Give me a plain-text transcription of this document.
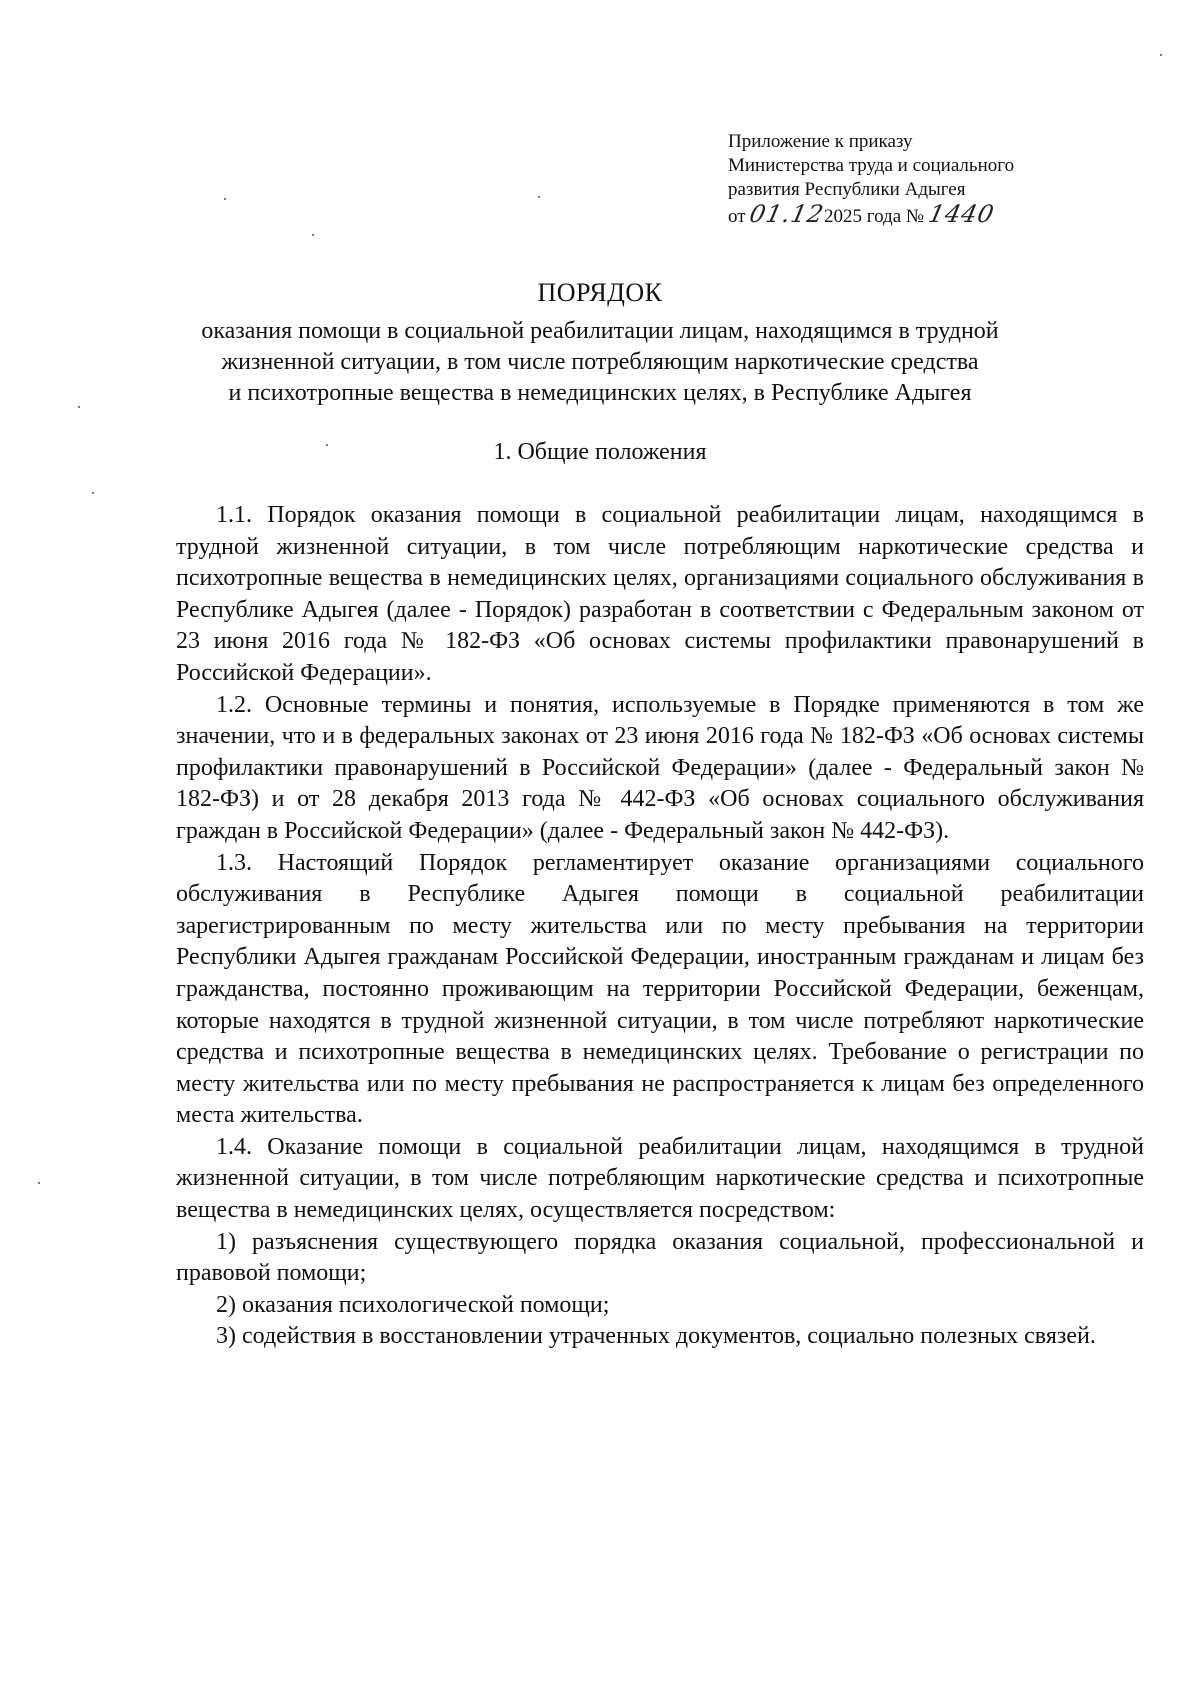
Приложение к приказу
Министерства труда и социального
развития Республики Адыгея
от 01.122025 года № 1440
ПОРЯДОК
оказания помощи в социальной реабилитации лицам, находящимся в трудной
жизненной ситуации, в том числе потребляющим наркотические средства
и психотропные вещества в немедицинских целях, в Республике Адыгея
1. Общие положения

1.1. Порядок оказания помощи в социальной реабилитации лицам, находящимся в трудной жизненной ситуации, в том числе потребляющим наркотические средства и психотропные вещества в немедицинских целях, организациями социального обслуживания в Республике Адыгея (далее - Порядок) разработан в соответствии с Федеральным законом от 23 июня 2016 года № 182-ФЗ «Об основах системы профилактики правонарушений в Российской Федерации».

1.2. Основные термины и понятия, используемые в Порядке применяются в том же значении, что и в федеральных законах от 23 июня 2016 года № 182-ФЗ «Об основах системы профилактики правонарушений в Российской Федерации» (далее - Федеральный закон № 182-ФЗ) и от 28 декабря 2013 года № 442-ФЗ «Об основах социального обслуживания граждан в Российской Федерации» (далее - Федеральный закон № 442-ФЗ).

1.3. Настоящий Порядок регламентирует оказание организациями социального обслуживания в Республике Адыгея помощи в социальной реабилитации зарегистрированным по месту жительства или по месту пребывания на территории Республики Адыгея гражданам Российской Федерации, иностранным гражданам и лицам без гражданства, постоянно проживающим на территории Российской Федерации, беженцам, которые находятся в трудной жизненной ситуации, в том числе потребляют наркотические средства и психотропные вещества в немедицинских целях. Требование о регистрации по месту жительства или по месту пребывания не распространяется к лицам без определенного места жительства.

1.4. Оказание помощи в социальной реабилитации лицам, находящимся в трудной жизненной ситуации, в том числе потребляющим наркотические средства и психотропные вещества в немедицинских целях, осуществляется посредством:

1) разъяснения существующего порядка оказания социальной, профессиональной и правовой помощи;

2) оказания психологической помощи;

3) содействия в восстановлении утраченных документов, социально полезных связей.
